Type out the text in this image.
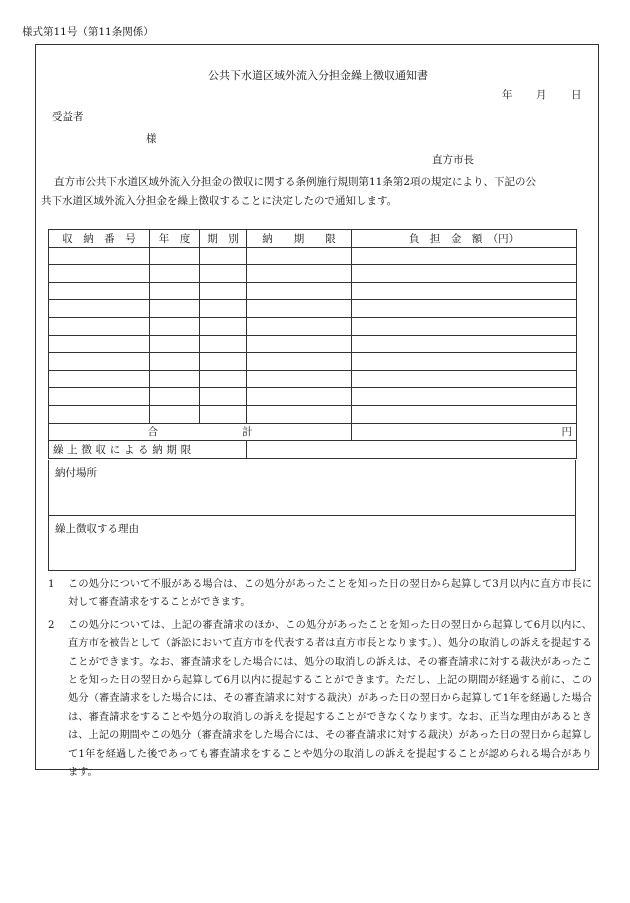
様式第11号（第11条関係）
公共下水道区域外流入分担金繰上徴収通知書
年 月 日
受益者
様
直方市長
直方市公共下水道区域外流入分担金の徴収に関する条例施行規則第11条第2項の規定により、下記の公
共下水道区域外流入分担金を繰上徴収することに決定したので通知します。
収　納　番　号	年　度	期　別	納　　期　　限	負　担　金　額　（円）

合　　　　　　　　計				円
繰上徴収による納期限				
納付場所
繰上徴収する理由
1 この処分について不服がある場合は、この処分があったことを知った日の翌日から起算して3月以内に直方市長に対して審査請求をすることができます。
2 この処分については、上記の審査請求のほか、この処分があったことを知った日の翌日から起算して6月以内に、直方市を被告として（訴訟において直方市を代表する者は直方市長となります。）、処分の取消しの訴えを提起することができます。なお、審査請求をした場合には、処分の取消しの訴えは、その審査請求に対する裁決があったことを知った日の翌日から起算して6月以内に提起することができます。ただし、上記の期間が経過する前に、この処分（審査請求をした場合には、その審査請求に対する裁決）があった日の翌日から起算して1年を経過した場合は、審査請求をすることや処分の取消しの訴えを提起することができなくなります。なお、正当な理由があるときは、上記の期間やこの処分（審査請求をした場合には、その審査請求に対する裁決）があった日の翌日から起算して1年を経過した後であっても審査請求をすることや処分の取消しの訴えを提起することが認められる場合があります。
